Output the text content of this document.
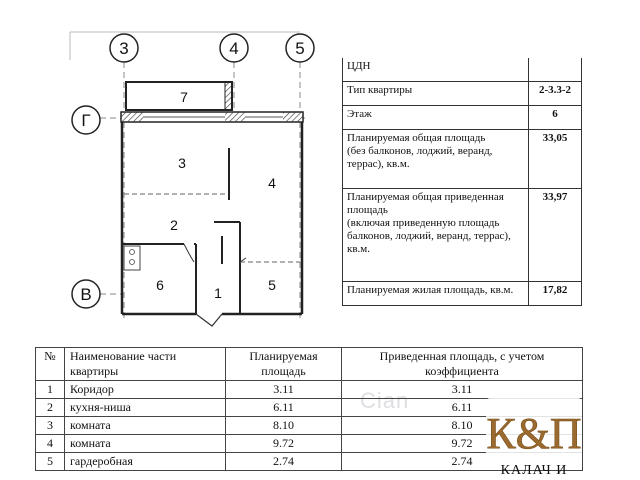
3	4	5
Г
В
7
3
4
2
6	1	5
ЦДН	
Тип квартиры	2-3.3-2
Этаж	6
Планируемая общая площадь
(без балконов, лоджий, веранд,
террас), кв.м.	33,05
Планируемая общая приведенная
площадь
(включая приведенную площадь
балконов, лоджий, веранд, террас),
кв.м.	33,97
Планируемая жилая площадь, кв.м.	17,82
Cian
№	Наименование части квартиры	Планируемая площадь	Приведенная площадь, с учетом коэффициента
1	Коридор	3.11	3.11
2	кухня-ниша	6.11	6.11
3	комната	8.10	8.10
4	комната	9.72	9.72
5	гардеробная	2.74	2.74
К&П
КАЛАЧ И
